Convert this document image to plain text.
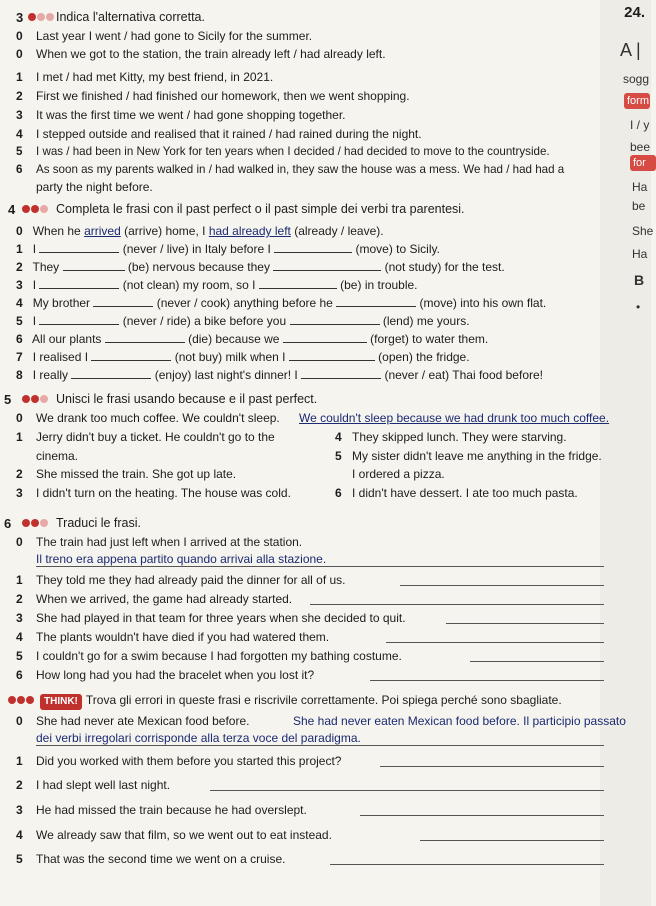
24.
A |
sogg
form
I / y
bee
for
Ha
be
She
Ha
B
•
3	Indica l'alternativa corretta.
0 Last year I went / had gone to Sicily for the summer.
0 When we got to the station, the train already left / had already left.
1 I met / had met Kitty, my best friend, in 2021.
2 First we finished / had finished our homework, then we went shopping.
3 It was the first time we went / had gone shopping together.
4 I stepped outside and realised that it rained / had rained during the night.
5 I was / had been in New York for ten years when I decided / had decided to move to the countryside.
6 As soon as my parents walked in / had walked in, they saw the house was a mess. We had / had had a
party the night before.
4	Completa le frasi con il past perfect o il past simple dei verbi tra parentesi.
0 When he arrived (arrive) home, I had already left (already / leave).
1 I	(never / live) in Italy before I	(move) to Sicily.
2 They	(be) nervous because they	(not study) for the test.
3 I	(not clean) my room, so I	(be) in trouble.
4 My brother	(never / cook) anything before he	(move) into his own flat.
5 I	(never / ride) a bike before you	(lend) me yours.
6 All our plants	(die) because we	(forget) to water them.
7 I realised I	(not buy) milk when I	(open) the fridge.
8 I really	(enjoy) last night's dinner! I	(never / eat) Thai food before!
5	Unisci le frasi usando because e il past perfect.
0 We drank too much coffee. We couldn't sleep. We couldn't sleep because we had drunk too much coffee.
1 Jerry didn't buy a ticket. He couldn't go to the
cinema.
2 She missed the train. She got up late.
3 I didn't turn on the heating. The house was cold.
4 They skipped lunch. They were starving.
5 My sister didn't leave me anything in the fridge.
I ordered a pizza.
6 I didn't have dessert. I ate too much pasta.
6	Traduci le frasi.
0 The train had just left when I arrived at the station.
Il treno era appena partito quando arrivai alla stazione.
1 They told me they had already paid the dinner for all of us.
2 When we arrived, the game had already started.
3 She had played in that team for three years when she decided to quit.
4 The plants wouldn't have died if you had watered them.
5 I couldn't go for a swim because I had forgotten my bathing costume.
6 How long had you had the bracelet when you lost it?
THINK! Trova gli errori in queste frasi e riscrivile correttamente. Poi spiega perché sono sbagliate.
0 She had never ate Mexican food before.	She had never eaten Mexican food before. Il participio passato
dei verbi irregolari corrisponde alla terza voce del paradigma.
1 Did you worked with them before you started this project?
2 I had slept well last night.
3 He had missed the train because he had overslept.
4 We already saw that film, so we went out to eat instead.
5 That was the second time we went on a cruise.
